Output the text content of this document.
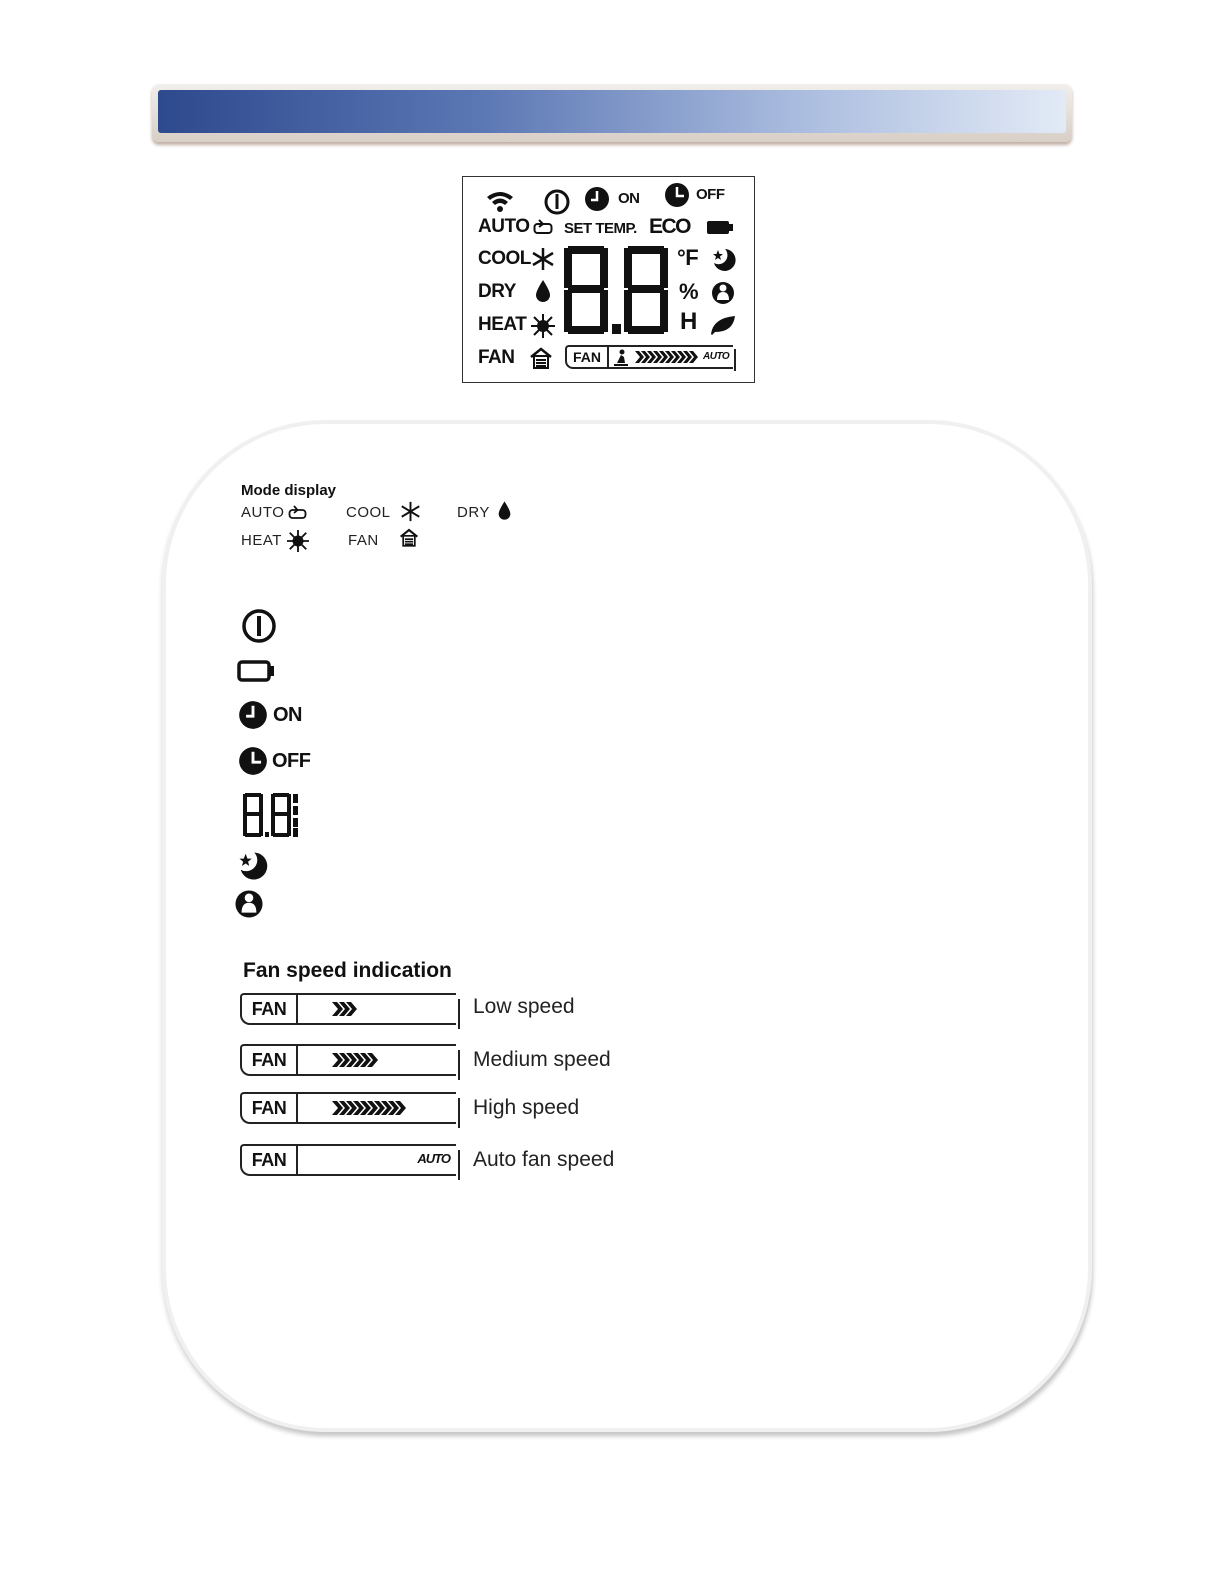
ON	OFF
AUTO SET TEMP. ECO
COOL
DRY
HEAT
FAN
°F
%
H
FAN	AUTO
Mode display
AUTO	COOL	DRY
HEAT	FAN
ON
OFF
Fan speed indication
FAN	Low speed
FAN	Medium speed
FAN	High speed
FAN	AUTO Auto fan speed
